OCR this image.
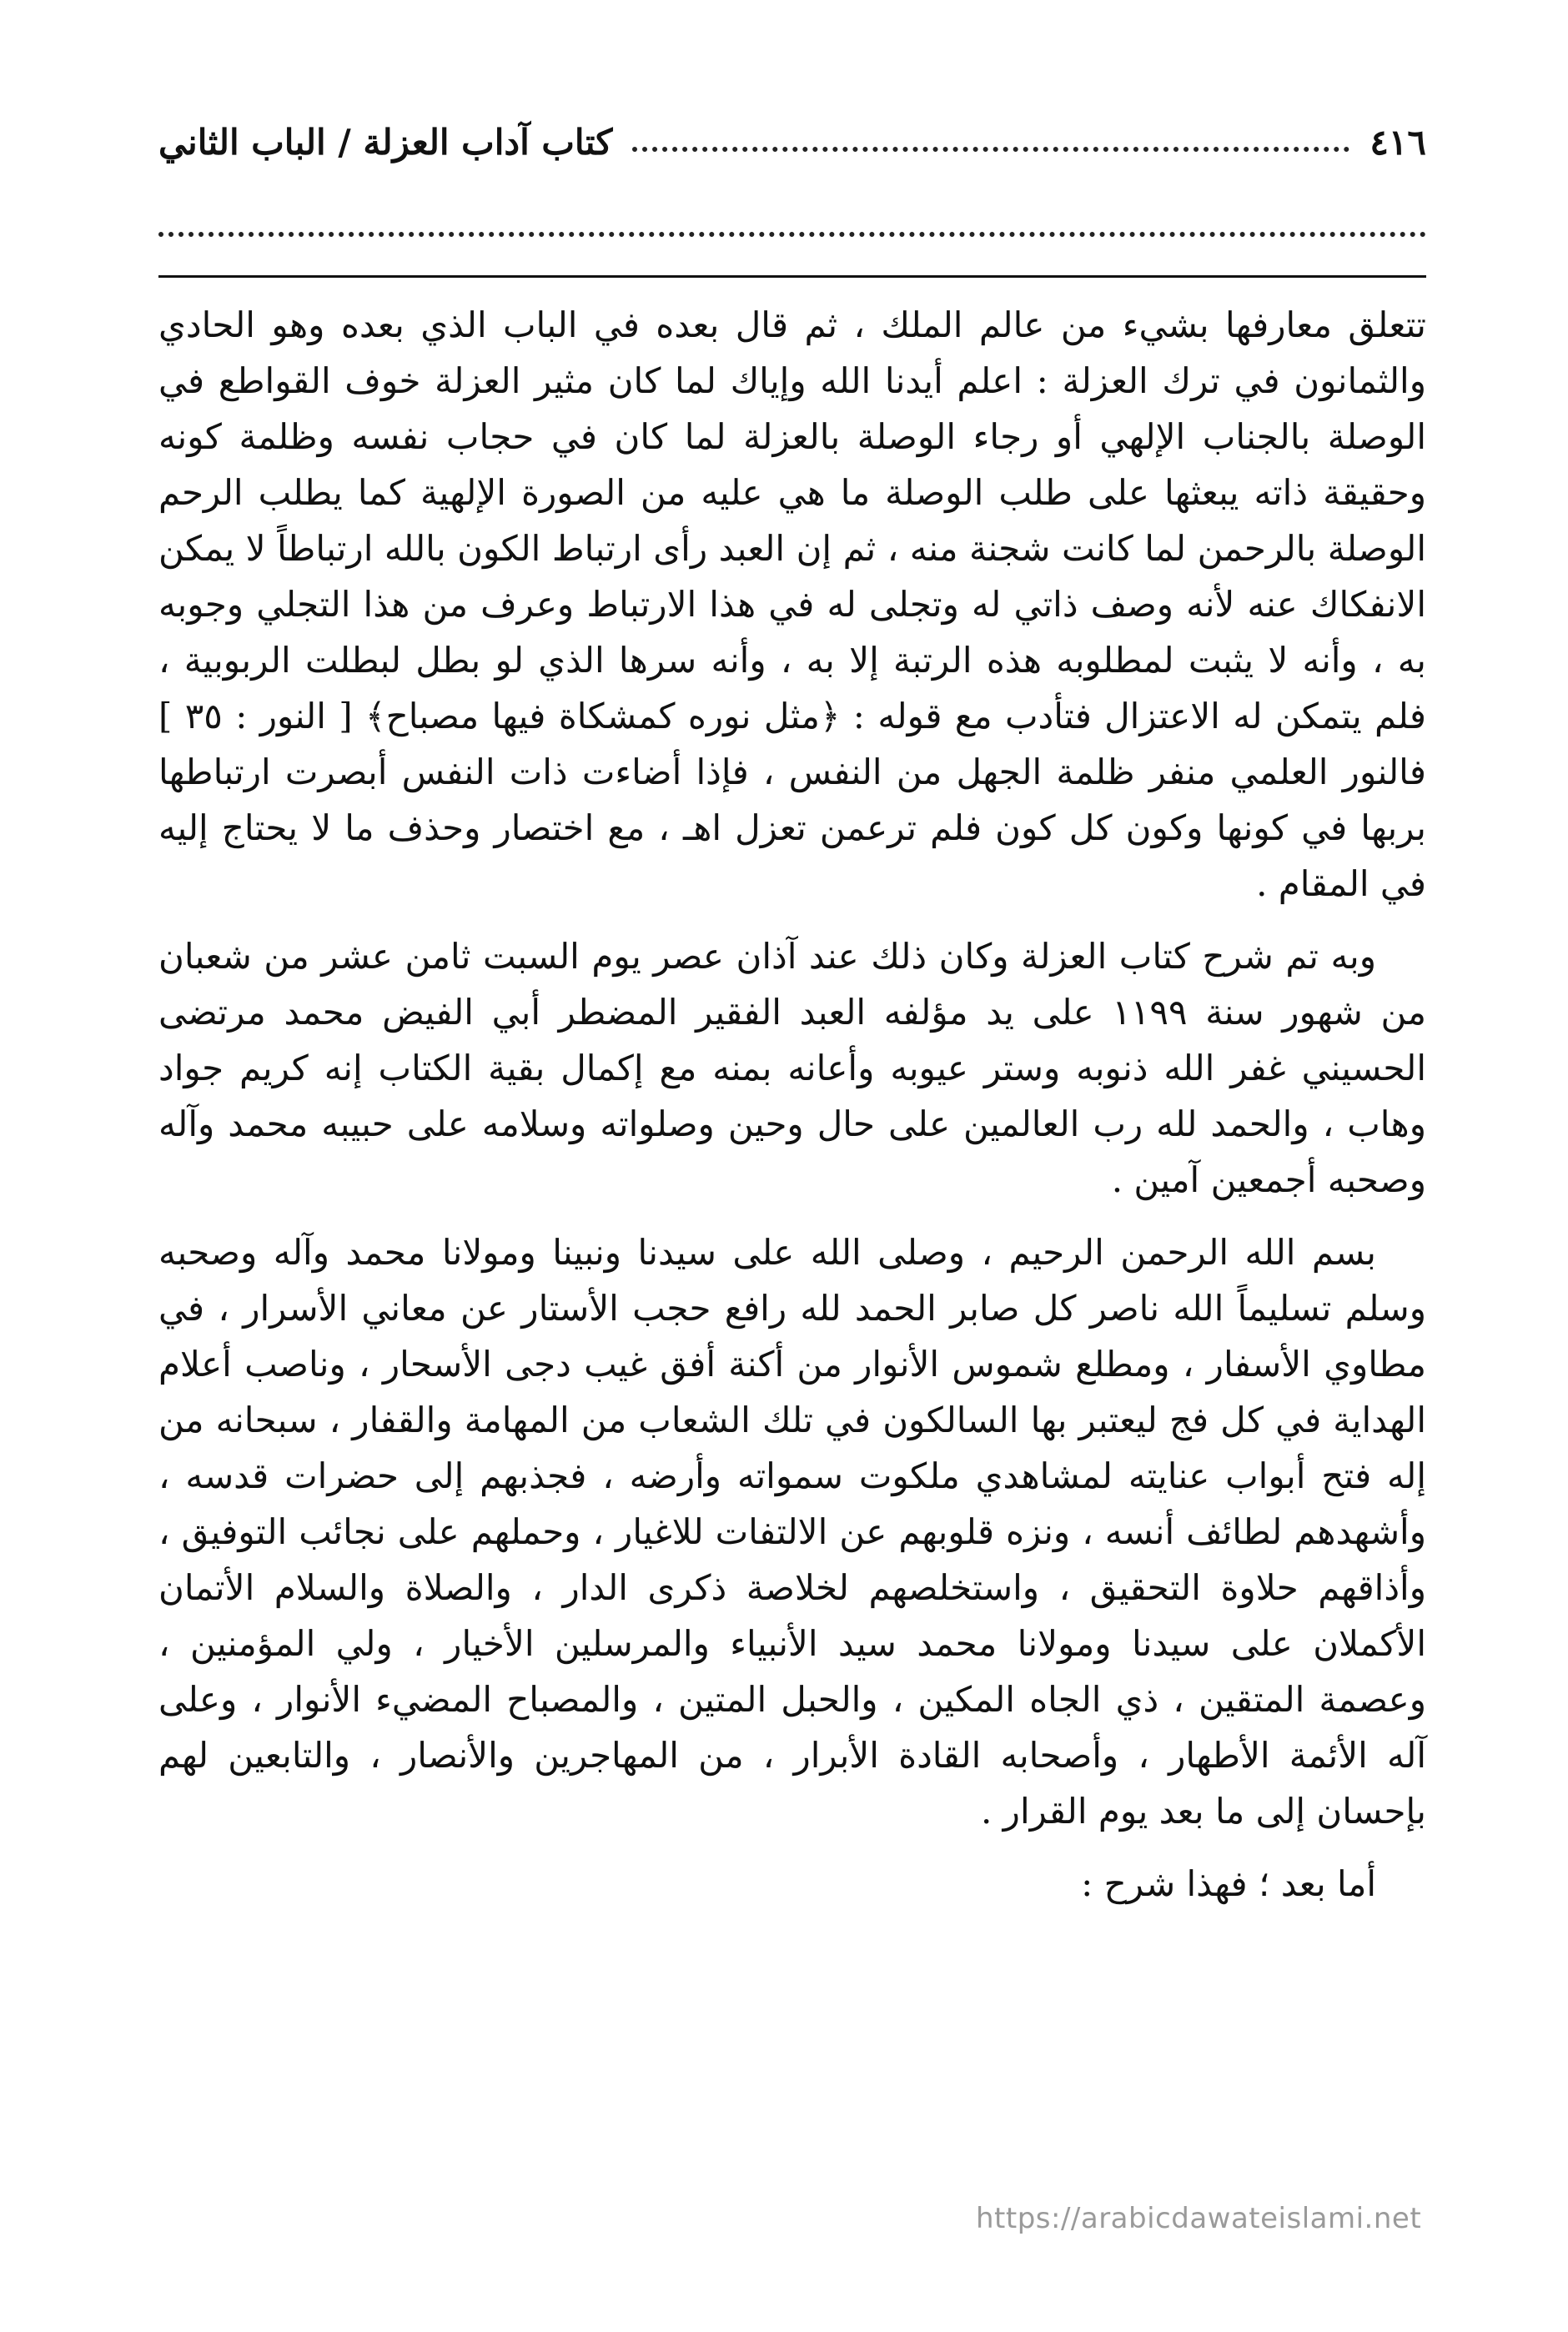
٤١٦
كتاب آداب العزلة / الباب الثاني

تتعلق معارفها بشيء من عالم الملك ، ثم قال بعده في الباب الذي بعده وهو الحادي والثمانون في ترك العزلة : اعلم أيدنا الله وإياك لما كان مثير العزلة خوف القواطع في الوصلة بالجناب الإلهي أو رجاء الوصلة بالعزلة لما كان في حجاب نفسه وظلمة كونه وحقيقة ذاته يبعثها على طلب الوصلة ما هي عليه من الصورة الإلهية كما يطلب الرحم الوصلة بالرحمن لما كانت شجنة منه ، ثم إن العبد رأى ارتباط الكون بالله ارتباطاً لا يمكن الانفكاك عنه لأنه وصف ذاتي له وتجلى له في هذا الارتباط وعرف من هذا التجلي وجوبه به ، وأنه لا يثبت لمطلوبه هذه الرتبة إلا به ، وأنه سرها الذي لو بطل لبطلت الربوبية ، فلم يتمكن له الاعتزال فتأدب مع قوله : ﴿مثل نوره كمشكاة فيها مصباح﴾ [ النور : ٣٥ ] فالنور العلمي منفر ظلمة الجهل من النفس ، فإذا أضاءت ذات النفس أبصرت ارتباطها بربها في كونها وكون كل كون فلم ترعمن تعزل اهـ ، مع اختصار وحذف ما لا يحتاج إليه في المقام .

وبه تم شرح كتاب العزلة وكان ذلك عند آذان عصر يوم السبت ثامن عشر من شعبان من شهور سنة ١١٩٩ على يد مؤلفه العبد الفقير المضطر أبي الفيض محمد مرتضى الحسيني غفر الله ذنوبه وستر عيوبه وأعانه بمنه مع إكمال بقية الكتاب إنه كريم جواد وهاب ، والحمد لله رب العالمين على حال وحين وصلواته وسلامه على حبيبه محمد وآله وصحبه أجمعين آمين .

بسم الله الرحمن الرحيم ، وصلى الله على سيدنا ونبينا ومولانا محمد وآله وصحبه وسلم تسليماً الله ناصر كل صابر الحمد لله رافع حجب الأستار عن معاني الأسرار ، في مطاوي الأسفار ، ومطلع شموس الأنوار من أكنة أفق غيب دجى الأسحار ، وناصب أعلام الهداية في كل فج ليعتبر بها السالكون في تلك الشعاب من المهامة والقفار ، سبحانه من إله فتح أبواب عنايته لمشاهدي ملكوت سمواته وأرضه ، فجذبهم إلى حضرات قدسه ، وأشهدهم لطائف أنسه ، ونزه قلوبهم عن الالتفات للاغيار ، وحملهم على نجائب التوفيق ، وأذاقهم حلاوة التحقيق ، واستخلصهم لخلاصة ذكرى الدار ، والصلاة والسلام الأتمان الأكملان على سيدنا ومولانا محمد سيد الأنبياء والمرسلين الأخيار ، ولي المؤمنين ، وعصمة المتقين ، ذي الجاه المكين ، والحبل المتين ، والمصباح المضيء الأنوار ، وعلى آله الأئمة الأطهار ، وأصحابه القادة الأبرار ، من المهاجرين والأنصار ، والتابعين لهم بإحسان إلى ما بعد يوم القرار .

أما بعد ؛ فهذا شرح :

https://arabicdawateislami.net
